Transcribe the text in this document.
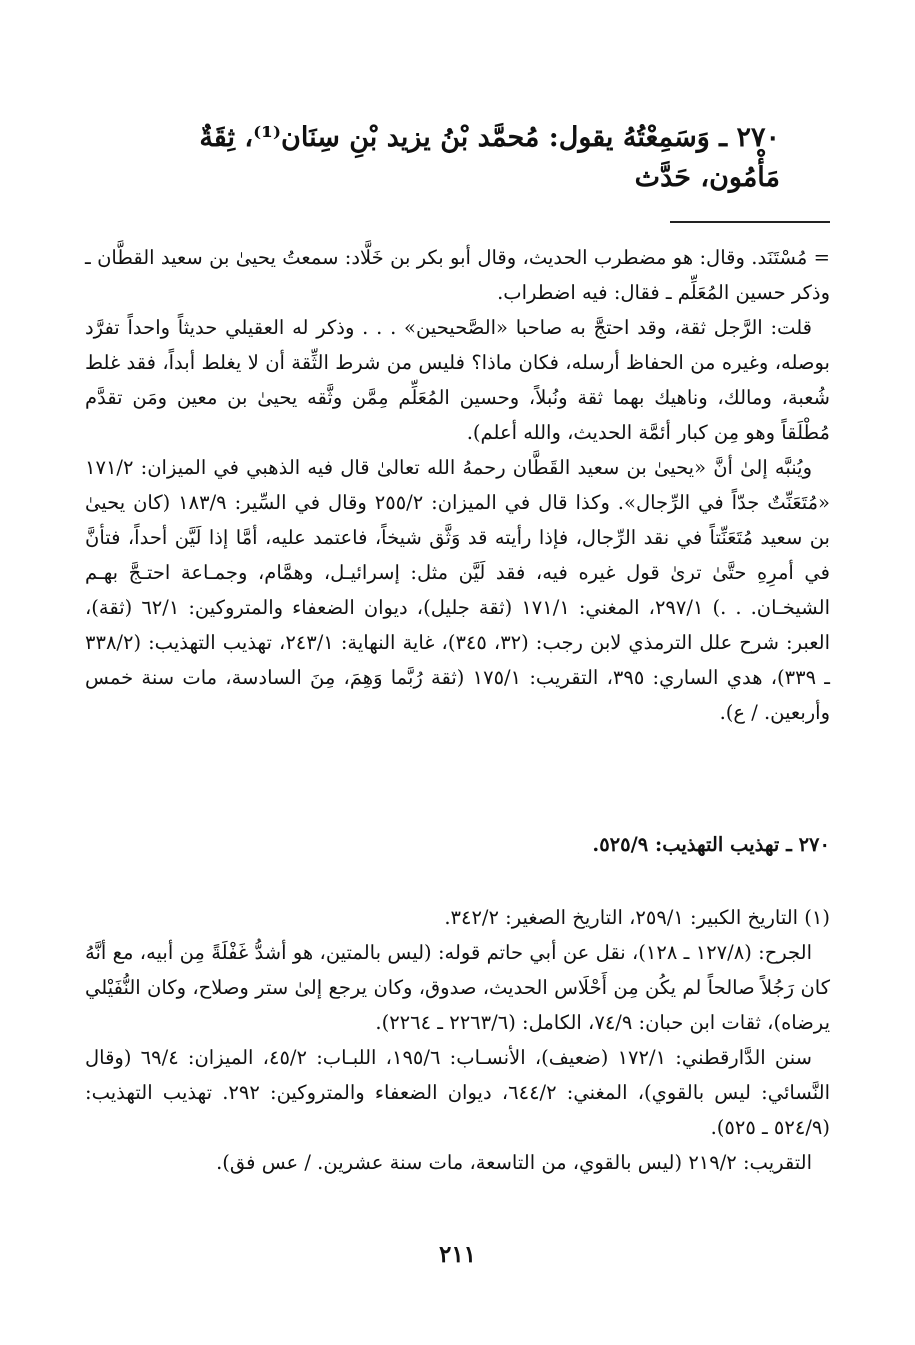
٢٧٠ ـ وَسَمِعْتُهُ يقول: مُحمَّد بْنُ يزيد بْنِ سِنَان⁽¹⁾، ثِقَةٌ مَأْمُون، حَدَّث

= مُسْتَنَد. وقال: هو مضطرب الحديث، وقال أبو بكر بن خَلَّاد: سمعتُ يحيىٰ بن سعيد القطَّان ـ وذكر حسين المُعَلِّم ـ فقال: فيه اضطراب.

قلت: الرَّجل ثقة، وقد احتجَّ به صاحبا «الصَّحيحين» . . . وذكر له العقيلي حديثاً واحداً تفرَّد بوصله، وغيره من الحفاظ أرسله، فكان ماذا؟ فليس من شرط الثِّقة أن لا يغلط أبداً، فقد غلط شُعبة، ومالك، وناهيك بهما ثقة ونُبلاً، وحسين المُعَلِّم مِمَّن وثَّقه يحيىٰ بن معين ومَن تقدَّم مُطْلَقاً وهو مِن كبار أئمَّة الحديث، والله أعلم).

ويُنبَّه إلىٰ أنَّ «يحيىٰ بن سعيد القَطَّان رحمهُ الله تعالىٰ قال فيه الذهبي في الميزان: ١٧١/٢ «مُتَعَنِّتٌ جدّاً في الرِّجال». وكذا قال في الميزان: ٢٥٥/٢ وقال في السِّير: ١٨٣/٩ (كان يحيىٰ بن سعيد مُتَعَنِّتاً في نقد الرِّجال، فإذا رأيته قد وَثَّق شيخاً، فاعتمد عليه، أمَّا إذا لَيَّن أحداً، فتأنَّ في أمرِهِ حتَّىٰ ترىٰ قول غيره فيه، فقد لَيَّن مثل: إسرائيـل، وهمَّام، وجمـاعة احتـجَّ بهـم الشيخـان. . .) ٢٩٧/١، المغني: ١٧١/١ (ثقة جليل)، ديوان الضعفاء والمتروكين: ٦٢/١ (ثقة)، العبر: شرح علل الترمذي لابن رجب: (٣٢، ٣٤٥)، غاية النهاية: ٢٤٣/١، تهذيب التهذيب: (٣٣٨/٢ ـ ٣٣٩)، هدي الساري: ٣٩٥، التقريب: ١٧٥/١ (ثقة رُبَّما وَهِمَ، مِنَ السادسة، مات سنة خمس وأربعين. / ع).

٢٧٠ ـ تهذيب التهذيب: ٥٢٥/٩.

(١) التاريخ الكبير: ٢٥٩/١، التاريخ الصغير: ٣٤٢/٢.

الجرح: (١٢٧/٨ ـ ١٢٨)، نقل عن أبي حاتم قوله: (ليس بالمتين، هو أشدُّ غَفْلَةً مِن أبيه، مع أنَّهُ كان رَجُلاً صالحاً لم يكُن مِن أَحْلَاس الحديث، صدوق، وكان يرجع إلىٰ ستر وصلاح، وكان النُّفَيْلي يرضاه)، ثقات ابن حبان: ٧٤/٩، الكامل: (٢٢٦٣/٦ ـ ٢٢٦٤).

سنن الدَّارقطني: ١٧٢/١ (ضعيف)، الأنسـاب: ١٩٥/٦، اللبـاب: ٤٥/٢، الميزان: ٦٩/٤ (وقال النَّسائي: ليس بالقوي)، المغني: ٦٤٤/٢، ديوان الضعفاء والمتروكين: ٢٩٢. تهذيب التهذيب: (٥٢٤/٩ ـ ٥٢٥).

التقريب: ٢١٩/٢ (ليس بالقوي، من التاسعة، مات سنة عشرين. / عس فق).

٢١١
